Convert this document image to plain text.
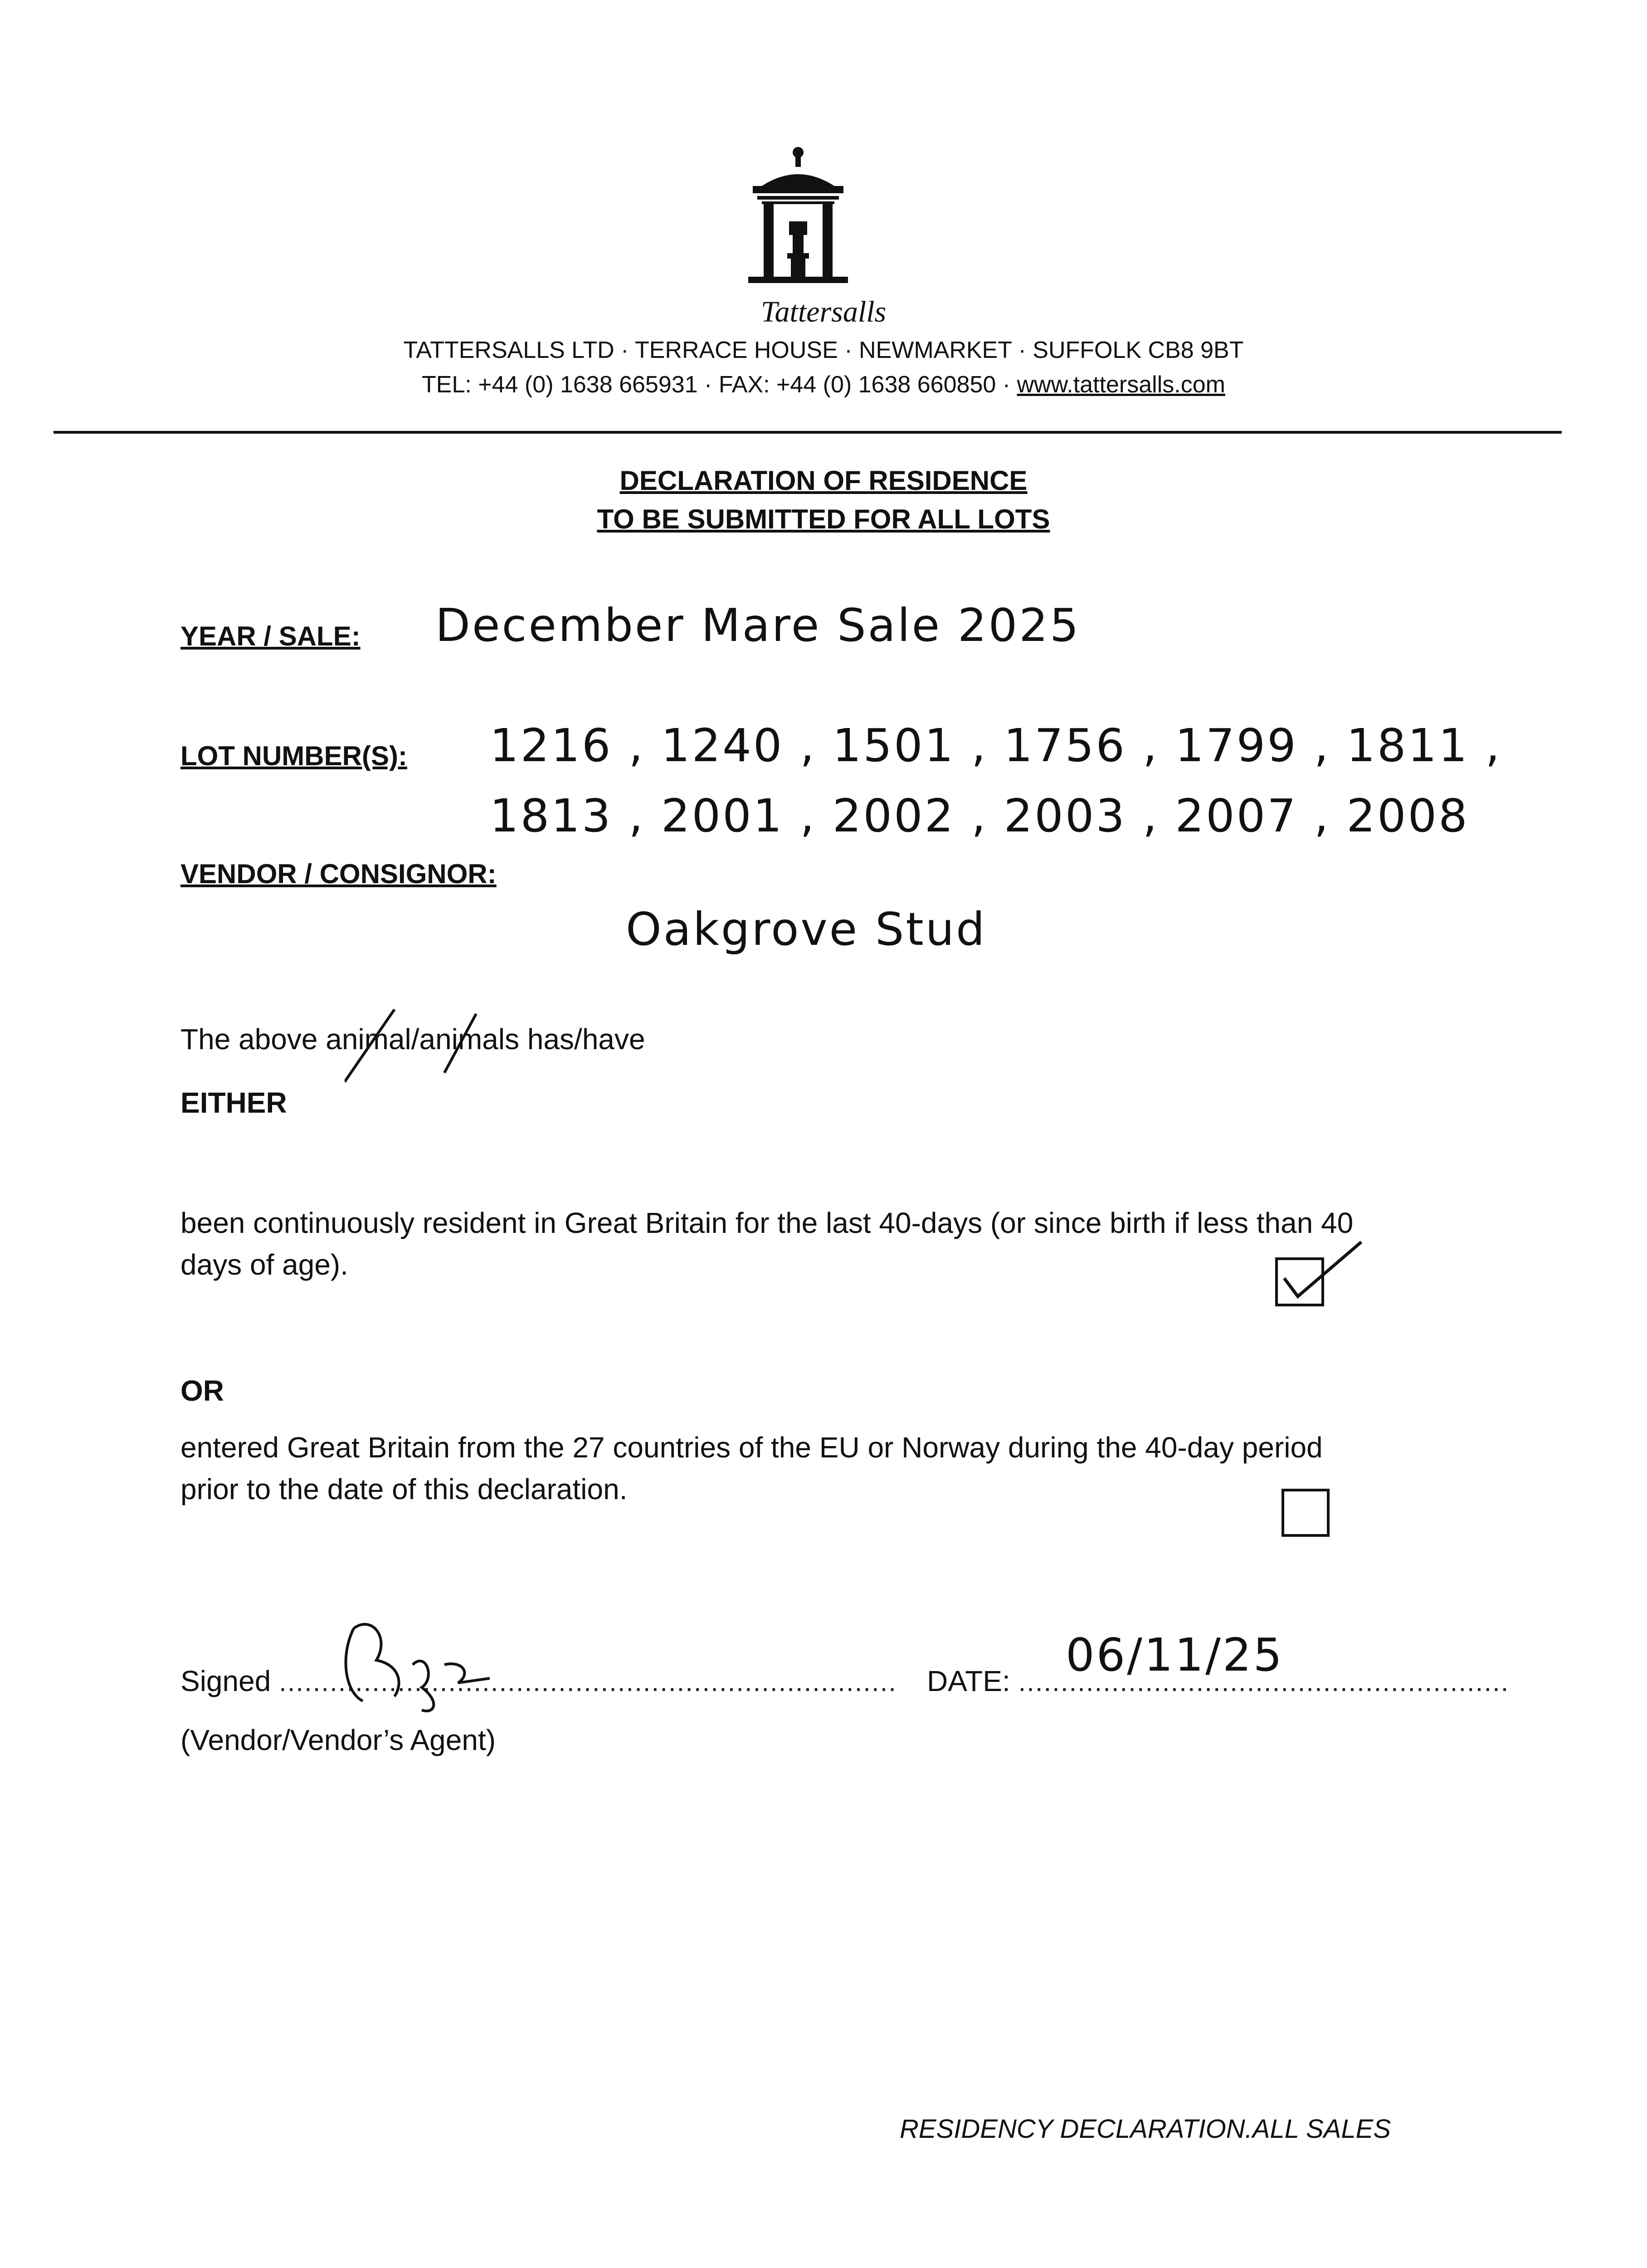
Tattersalls
TATTERSALLS LTD · TERRACE HOUSE · NEWMARKET · SUFFOLK CB8 9BT
TEL: +44 (0) 1638 665931 · FAX: +44 (0) 1638 660850 · www.tattersalls.com
DECLARATION OF RESIDENCE
TO BE SUBMITTED FOR ALL LOTS
YEAR / SALE: December Mare Sale 2025
LOT NUMBER(S): 1216 , 1240 , 1501 , 1756 , 1799 , 1811 ,
1813 , 2001 , 2002 , 2003 , 2007 , 2008
VENDOR / CONSIGNOR:
Oakgrove Stud
The above animal/animals has/have
EITHER
been continuously resident in Great Britain for the last 40-days (or since birth if less than 40
days of age).
OR
entered Great Britain from the 27 countries of the EU or Norway during the 40-day period
prior to the date of this declaration.
Signed ......................................................................... DATE: ..........................................................
06/11/25
(Vendor/Vendor’s Agent)
RESIDENCY DECLARATION.ALL SALES
